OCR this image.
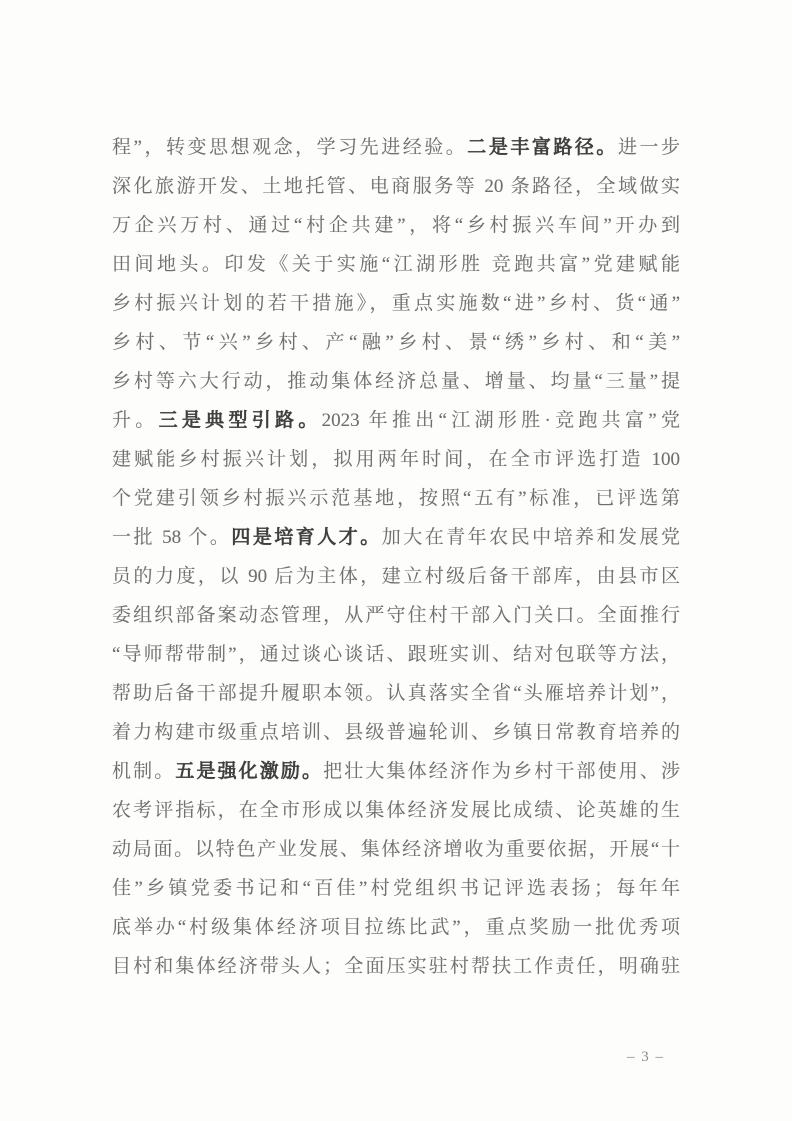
程”，转变思想观念，学习先进经验。二是丰富路径。进一步
深化旅游开发、土地托管、电商服务等 20 条路径，全域做实
万企兴万村、通过“村企共建”，将“乡村振兴车间”开办到
田间地头。印发《关于实施“江湖形胜 竞跑共富”党建赋能
乡村振兴计划的若干措施》，重点实施数“进”乡村、货“通”
乡村、节“兴”乡村、产“融”乡村、景“绣”乡村、和“美”
乡村等六大行动，推动集体经济总量、增量、均量“三量”提
升。三是典型引路。2023 年推出“江湖形胜·竞跑共富”党
建赋能乡村振兴计划，拟用两年时间，在全市评选打造 100
个党建引领乡村振兴示范基地，按照“五有”标准，已评选第
一批 58 个。四是培育人才。加大在青年农民中培养和发展党
员的力度，以 90 后为主体，建立村级后备干部库，由县市区
委组织部备案动态管理，从严守住村干部入门关口。全面推行
“导师帮带制”，通过谈心谈话、跟班实训、结对包联等方法，
帮助后备干部提升履职本领。认真落实全省“头雁培养计划”，
着力构建市级重点培训、县级普遍轮训、乡镇日常教育培养的
机制。五是强化激励。把壮大集体经济作为乡村干部使用、涉
农考评指标，在全市形成以集体经济发展比成绩、论英雄的生
动局面。以特色产业发展、集体经济增收为重要依据，开展“十
佳”乡镇党委书记和“百佳”村党组织书记评选表扬；每年年
底举办“村级集体经济项目拉练比武”，重点奖励一批优秀项
目村和集体经济带头人；全面压实驻村帮扶工作责任，明确驻
– 3 –
